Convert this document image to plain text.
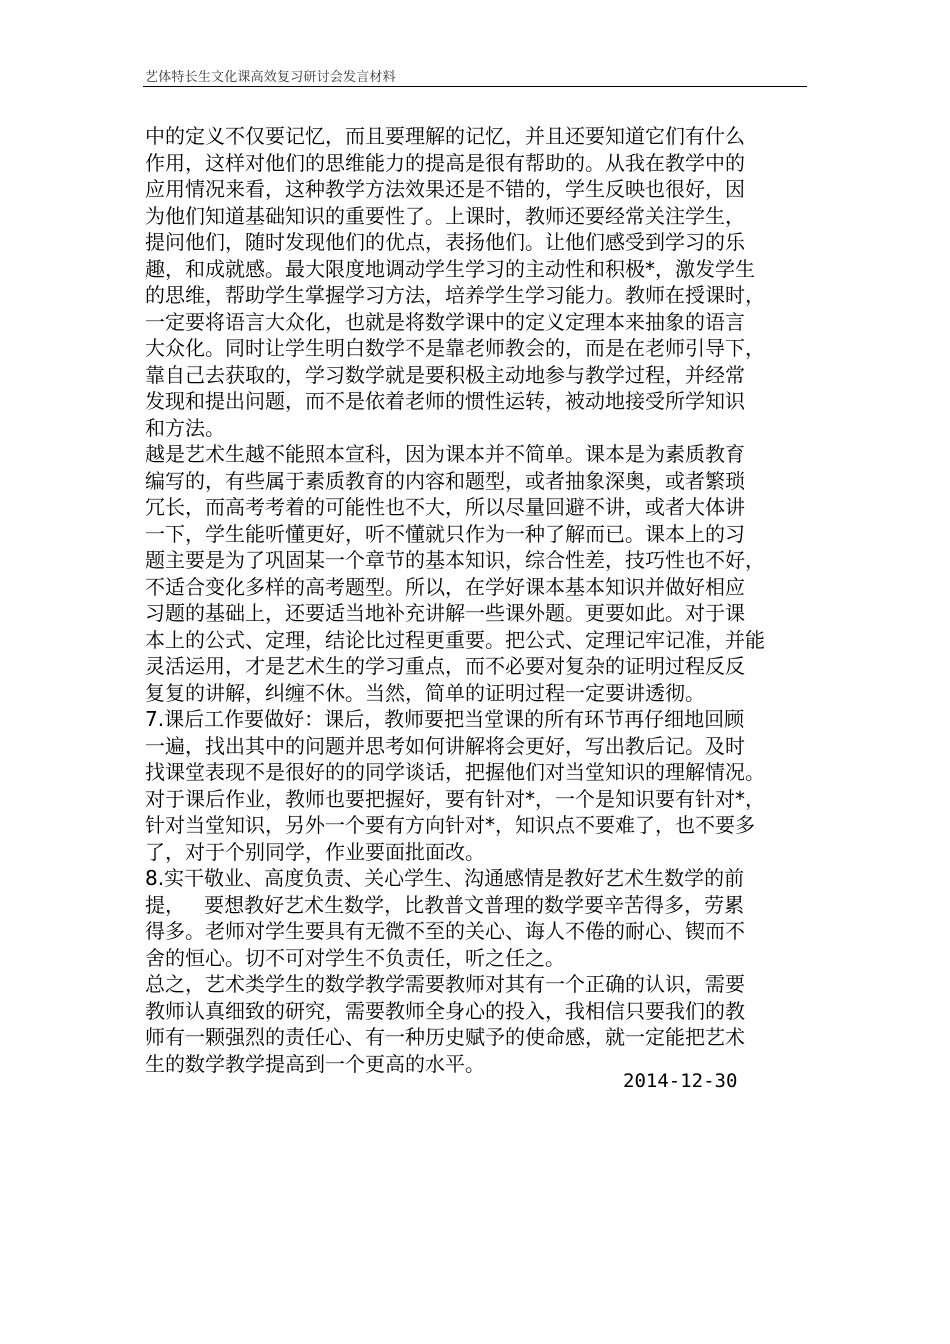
艺体特长生文化课高效复习研讨会发言材料
中的定义不仅要记忆，而且要理解的记忆，并且还要知道它们有什么
作用，这样对他们的思维能力的提高是很有帮助的。从我在教学中的
应用情况来看，这种教学方法效果还是不错的，学生反映也很好，因
为他们知道基础知识的重要性了。上课时，教师还要经常关注学生，
提问他们，随时发现他们的优点，表扬他们。让他们感受到学习的乐
趣，和成就感。最大限度地调动学生学习的主动性和积极*，激发学生
的思维，帮助学生掌握学习方法，培养学生学习能力。教师在授课时，
一定要将语言大众化，也就是将数学课中的定义定理本来抽象的语言
大众化。同时让学生明白数学不是靠老师教会的，而是在老师引导下，
靠自己去获取的，学习数学就是要积极主动地参与教学过程，并经常
发现和提出问题，而不是依着老师的惯性运转，被动地接受所学知识
和方法。
越是艺术生越不能照本宣科，因为课本并不简单。课本是为素质教育
编写的，有些属于素质教育的内容和题型，或者抽象深奥，或者繁琐
冗长，而高考考着的可能性也不大，所以尽量回避不讲，或者大体讲
一下，学生能听懂更好，听不懂就只作为一种了解而已。课本上的习
题主要是为了巩固某一个章节的基本知识，综合性差，技巧性也不好，
不适合变化多样的高考题型。所以，在学好课本基本知识并做好相应
习题的基础上，还要适当地补充讲解一些课外题。更要如此。对于课
本上的公式、定理，结论比过程更重要。把公式、定理记牢记准，并能
灵活运用，才是艺术生的学习重点，而不必要对复杂的证明过程反反
复复的讲解，纠缠不休。当然，简单的证明过程一定要讲透彻。
7.课后工作要做好：课后，教师要把当堂课的所有环节再仔细地回顾
一遍，找出其中的问题并思考如何讲解将会更好，写出教后记。及时
找课堂表现不是很好的的同学谈话，把握他们对当堂知识的理解情况。
对于课后作业，教师也要把握好，要有针对*，一个是知识要有针对*，
针对当堂知识，另外一个要有方向针对*，知识点不要难了，也不要多
了，对于个别同学，作业要面批面改。
8.实干敬业、高度负责、关心学生、沟通感情是教好艺术生数学的前
提，   要想教好艺术生数学，比教普文普理的数学要辛苦得多，劳累
得多。老师对学生要具有无微不至的关心、诲人不倦的耐心、锲而不
舍的恒心。切不可对学生不负责任，听之任之。
总之，艺术类学生的数学教学需要教师对其有一个正确的认识，需要
教师认真细致的研究，需要教师全身心的投入，我相信只要我们的教
师有一颗强烈的责任心、有一种历史赋予的使命感，就一定能把艺术
生的数学教学提高到一个更高的水平。
2014-12-30
